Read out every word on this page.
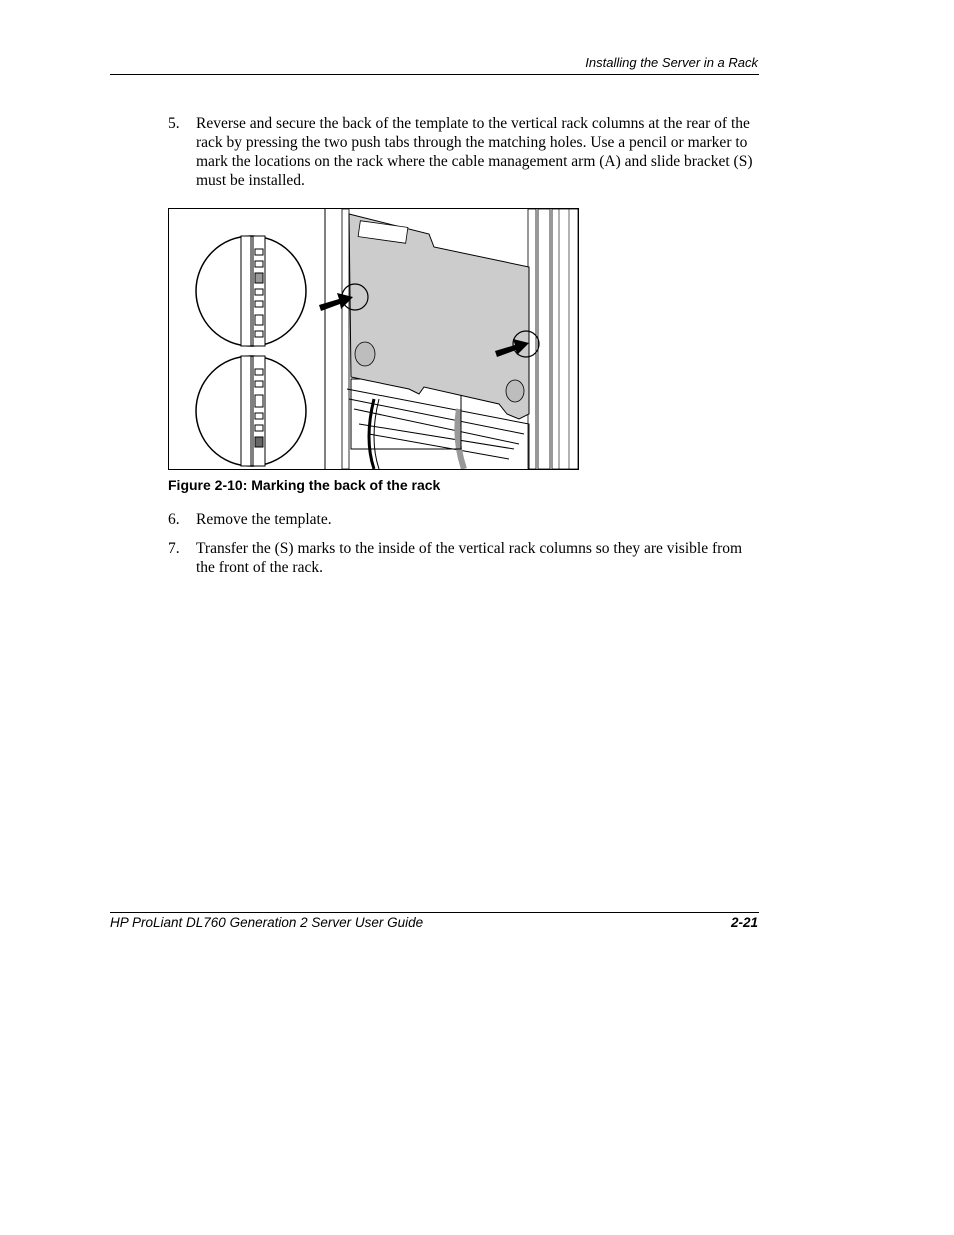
Installing the Server in a Rack
5.	Reverse and secure the back of the template to the vertical rack columns at the rear of the rack by pressing the two push tabs through the matching holes. Use a pencil or marker to mark the locations on the rack where the cable management arm (A) and slide bracket (S) must be installed.
Figure 2-10: Marking the back of the rack
6.	Remove the template.
7.	Transfer the (S) marks to the inside of the vertical rack columns so they are visible from the front of the rack.
HP ProLiant DL760 Generation 2 Server User Guide	2-21
